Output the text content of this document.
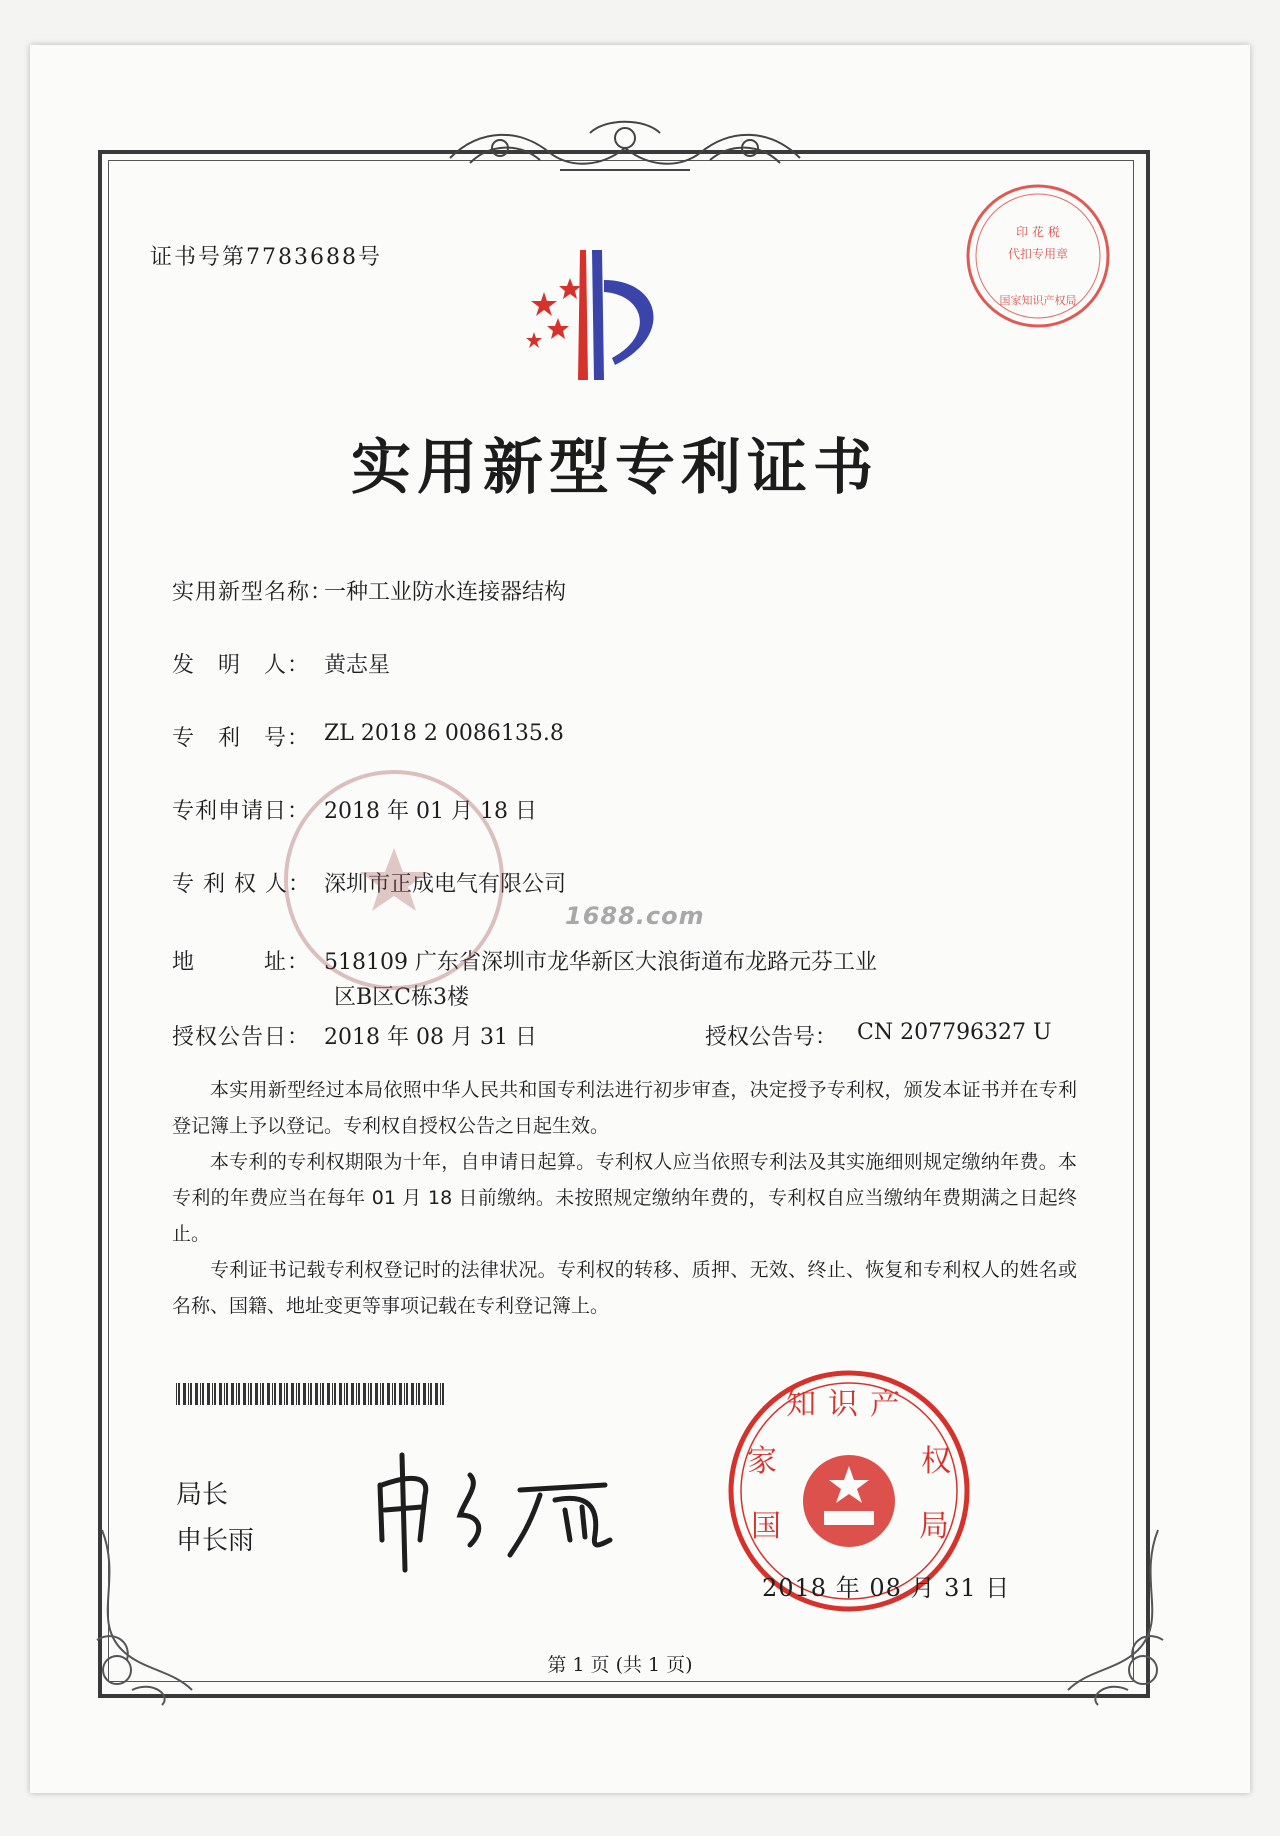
证书号第7783688号
印 花 税
代扣专用章
国家知识产权局
实用新型专利证书
实用新型名称：
一种工业防水连接器结构
发　明　人： 黄志星
专　利　号： ZL 2018 2 0086135.8
专利申请日： 2018 年 01 月 18 日
专 利 权 人： 深圳市正成电气有限公司
地　　　址： 518109 广东省深圳市龙华新区大浪街道布龙路元芬工业
区B区C栋3楼
授权公告日： 2018 年 08 月 31 日	授权公告号： CN 207796327 U
1688.com
本实用新型经过本局依照中华人民共和国专利法进行初步审查，决定授予专利权，颁发本证书并在专利登记簿上予以登记。专利权自授权公告之日起生效。
本专利的专利权期限为十年，自申请日起算。专利权人应当依照专利法及其实施细则规定缴纳年费。本专利的年费应当在每年 01 月 18 日前缴纳。未按照规定缴纳年费的，专利权自应当缴纳年费期满之日起终止。
专利证书记载专利权登记时的法律状况。专利权的转移、质押、无效、终止、恢复和专利权人的姓名或名称、国籍、地址变更等事项记载在专利登记簿上。
局长
申长雨
知识产
家	权
国	局
2018 年 08 月 31 日
第 1 页 (共 1 页)
